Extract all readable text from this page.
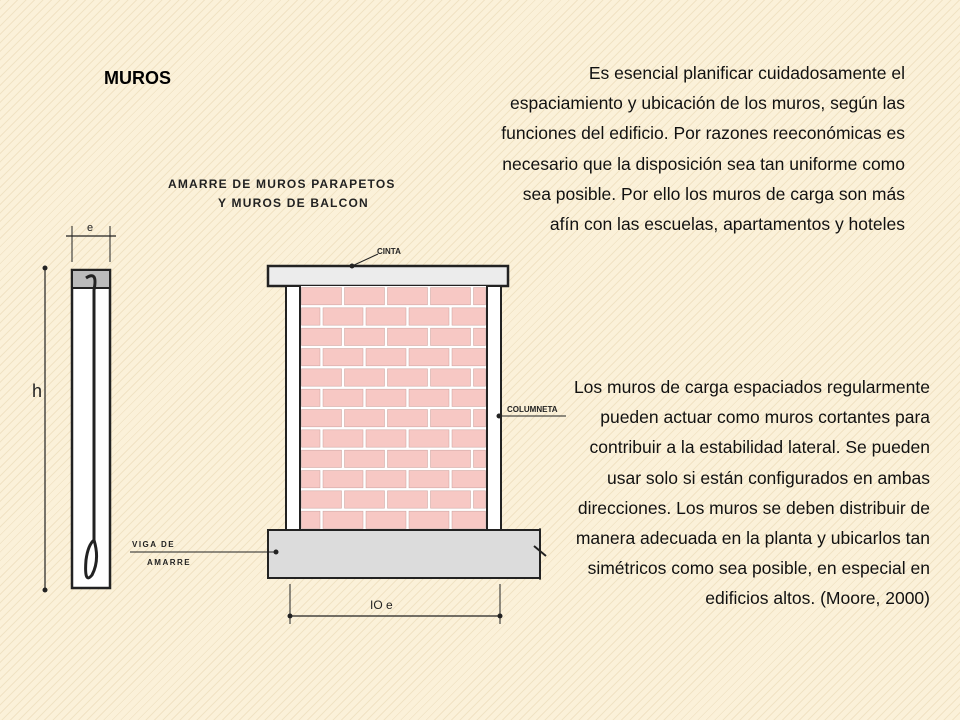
MUROS	Es esencial planificar cuidadosamente el espaciamiento y ubicación de los muros, según las funciones del edificio. Por razones reeconómicas es necesario que la disposición sea tan uniforme como sea posible. Por ello los muros de carga son más afín con las escuelas, apartamentos y hoteles
Los muros de carga espaciados regularmente pueden actuar como muros cortantes para contribuir a la estabilidad lateral. Se pueden usar solo si están configurados en ambas direcciones. Los muros se deben distribuir de manera adecuada en la planta y ubicarlos tan simétricos como sea posible, en especial en edificios altos. (Moore, 2000)
AMARRE DE MUROS PARAPETOS
Y MUROS DE BALCON
e
h
CINTA
COLUMNETA
VIGA DE
AMARRE
IO e
